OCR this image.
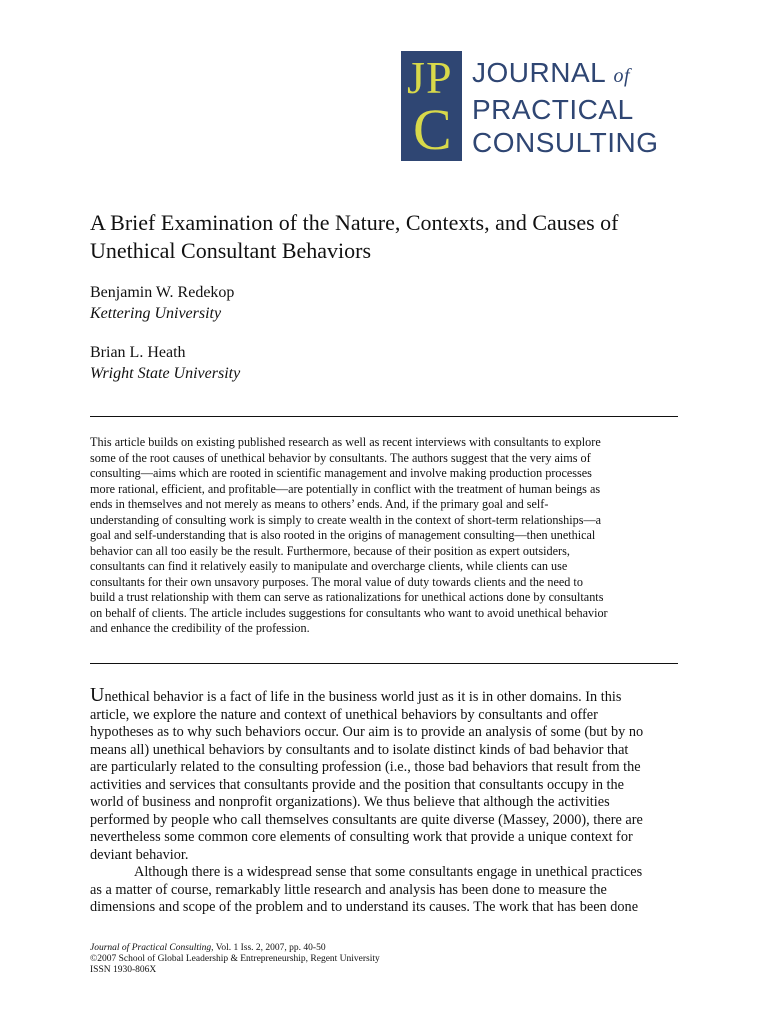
J P
C
JOURNAL of
PRACTICAL
CONSULTING
A Brief Examination of the Nature, Contexts, and Causes of
Unethical Consultant Behaviors
Benjamin W. Redekop
Kettering University
Brian L. Heath
Wright State University
This article builds on existing published research as well as recent interviews with consultants to explore
some of the root causes of unethical behavior by consultants. The authors suggest that the very aims of
consulting—aims which are rooted in scientific management and involve making production processes
more rational, efficient, and profitable—are potentially in conflict with the treatment of human beings as
ends in themselves and not merely as means to others’ ends. And, if the primary goal and self-
understanding of consulting work is simply to create wealth in the context of short-term relationships—a
goal and self-understanding that is also rooted in the origins of management consulting—then unethical
behavior can all too easily be the result. Furthermore, because of their position as expert outsiders,
consultants can find it relatively easily to manipulate and overcharge clients, while clients can use
consultants for their own unsavory purposes. The moral value of duty towards clients and the need to
build a trust relationship with them can serve as rationalizations for unethical actions done by consultants
on behalf of clients. The article includes suggestions for consultants who want to avoid unethical behavior
and enhance the credibility of the profession.

Unethical behavior is a fact of life in the business world just as it is in other domains. In this
article, we explore the nature and context of unethical behaviors by consultants and offer
hypotheses as to why such behaviors occur. Our aim is to provide an analysis of some (but by no
means all) unethical behaviors by consultants and to isolate distinct kinds of bad behavior that
are particularly related to the consulting profession (i.e., those bad behaviors that result from the
activities and services that consultants provide and the position that consultants occupy in the
world of business and nonprofit organizations). We thus believe that although the activities
performed by people who call themselves consultants are quite diverse (Massey, 2000), there are
nevertheless some common core elements of consulting work that provide a unique context for
deviant behavior.

Although there is a widespread sense that some consultants engage in unethical practices
as a matter of course, remarkably little research and analysis has been done to measure the
dimensions and scope of the problem and to understand its causes. The work that has been done

Journal of Practical Consulting, Vol. 1 Iss. 2, 2007, pp. 40-50
©2007 School of Global Leadership & Entrepreneurship, Regent University
ISSN 1930-806X
